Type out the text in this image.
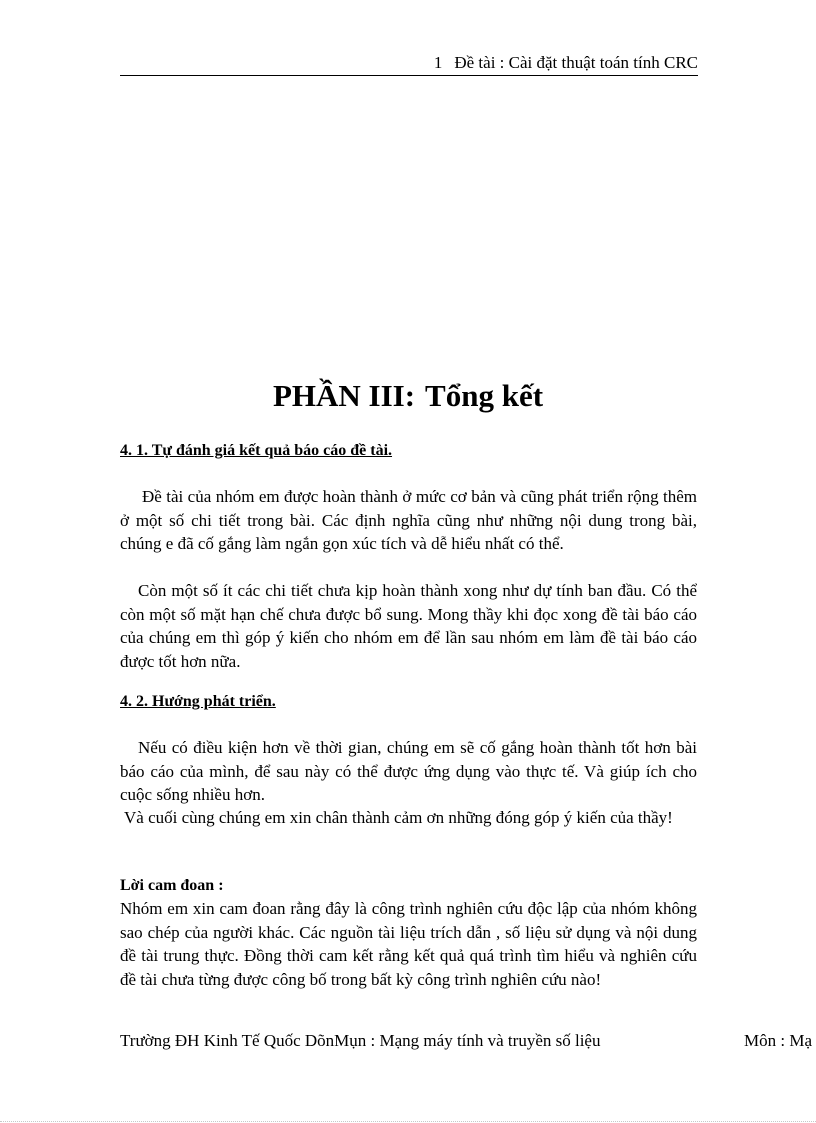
1 Đề tài : Cài đặt thuật toán tính CRC
PHẦN III: Tổng kết
4. 1. Tự đánh giá kết quả báo cáo đề tài.

Đề tài của nhóm em được hoàn thành ở mức cơ bản và cũng phát triển rộng thêm ở một số chi tiết trong bài. Các định nghĩa cũng như những nội dung trong bài, chúng e đã cố gắng làm ngắn gọn xúc tích và dễ hiểu nhất có thể.

Còn một số ít các chi tiết chưa kịp hoàn thành xong như dự tính ban đầu. Có thể còn một số mặt hạn chế chưa được bổ sung. Mong thầy khi đọc xong đề tài báo cáo của chúng em thì góp ý kiến cho nhóm em để lần sau nhóm em làm đề tài báo cáo được tốt hơn nữa.

4. 2. Hướng phát triển.

Nếu có điều kiện hơn về thời gian, chúng em sẽ cố gắng hoàn thành tốt hơn bài báo cáo của mình, để sau này có thể được ứng dụng vào thực tế. Và giúp ích cho cuộc sống nhiều hơn.

Và cuối cùng chúng em xin chân thành cảm ơn những đóng góp ý kiến của thầy!

Lời cam đoan :

Nhóm em xin cam đoan rằng đây là công trình nghiên cứu độc lập của nhóm không sao chép của người khác. Các nguồn tài liệu trích dẫn , số liệu sử dụng và nội dung đề tài trung thực. Đồng thời cam kết rằng kết quả quá trình tìm hiểu và nghiên cứu đề tài chưa từng được công bố trong bất kỳ công trình nghiên cứu nào!

Trường ĐH Kinh Tế Quốc DõnMụn : Mạng máy tính và truyền số liệu	Môn : Mạ
